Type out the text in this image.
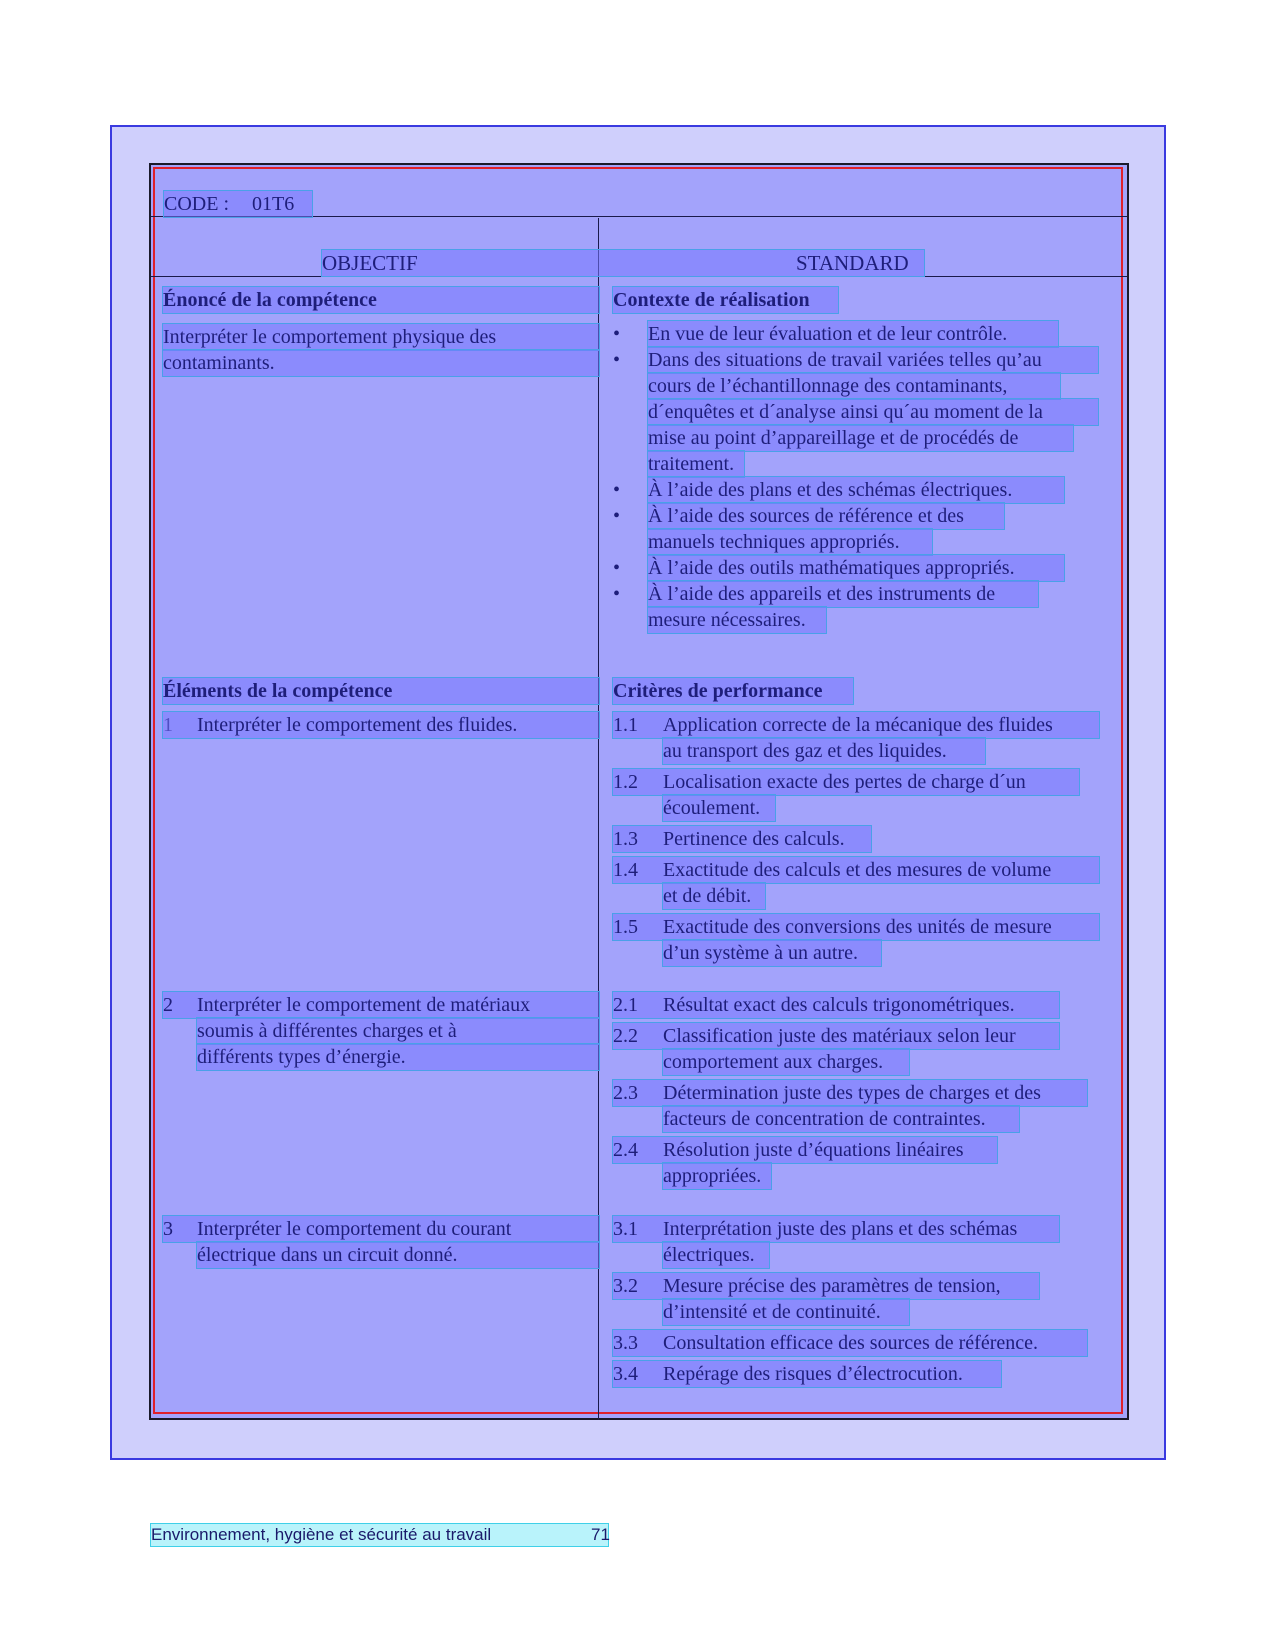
CODE : 01T6
OBJECTIF	STANDARD
Énoncé de la compétence
Interpréter le comportement physique des
contaminants.
Contexte de réalisation
• En vue de leur évaluation et de leur contrôle.
• Dans des situations de travail variées telles qu’au
cours de l’échantillonnage des contaminants,
d´enquêtes et d´analyse ainsi qu´au moment de la
mise au point d’appareillage et de procédés de
traitement.
• À l’aide des plans et des schémas électriques.
• À l’aide des sources de référence et des
manuels techniques appropriés.
• À l’aide des outils mathématiques appropriés.
• À l’aide des appareils et des instruments de
mesure nécessaires.
Éléments de la compétence
Interpréter le comportement des fluides.
2 Interpréter le comportement de matériaux
soumis à différentes charges et à
différents types d’énergie.
3 Interpréter le comportement du courant
électrique dans un circuit donné.
Critères de performance
1.1 Application correcte de la mécanique des fluides
au transport des gaz et des liquides.
1.2 Localisation exacte des pertes de charge d´un
écoulement.
1.3 Pertinence des calculs.
1.4 Exactitude des calculs et des mesures de volume
et de débit.
1.5 Exactitude des conversions des unités de mesure
d’un système à un autre.
2.1 Résultat exact des calculs trigonométriques.
2.2 Classification juste des matériaux selon leur
comportement aux charges.
2.3 Détermination juste des types de charges et des
facteurs de concentration de contraintes.
2.4 Résolution juste d’équations linéaires
appropriées.
3.1 Interprétation juste des plans et des schémas
électriques.
3.2 Mesure précise des paramètres de tension,
d’intensité et de continuité.
3.3 Consultation efficace des sources de référence.
3.4 Repérage des risques d’électrocution.
Environnement, hygiène et sécurité au travail	71
